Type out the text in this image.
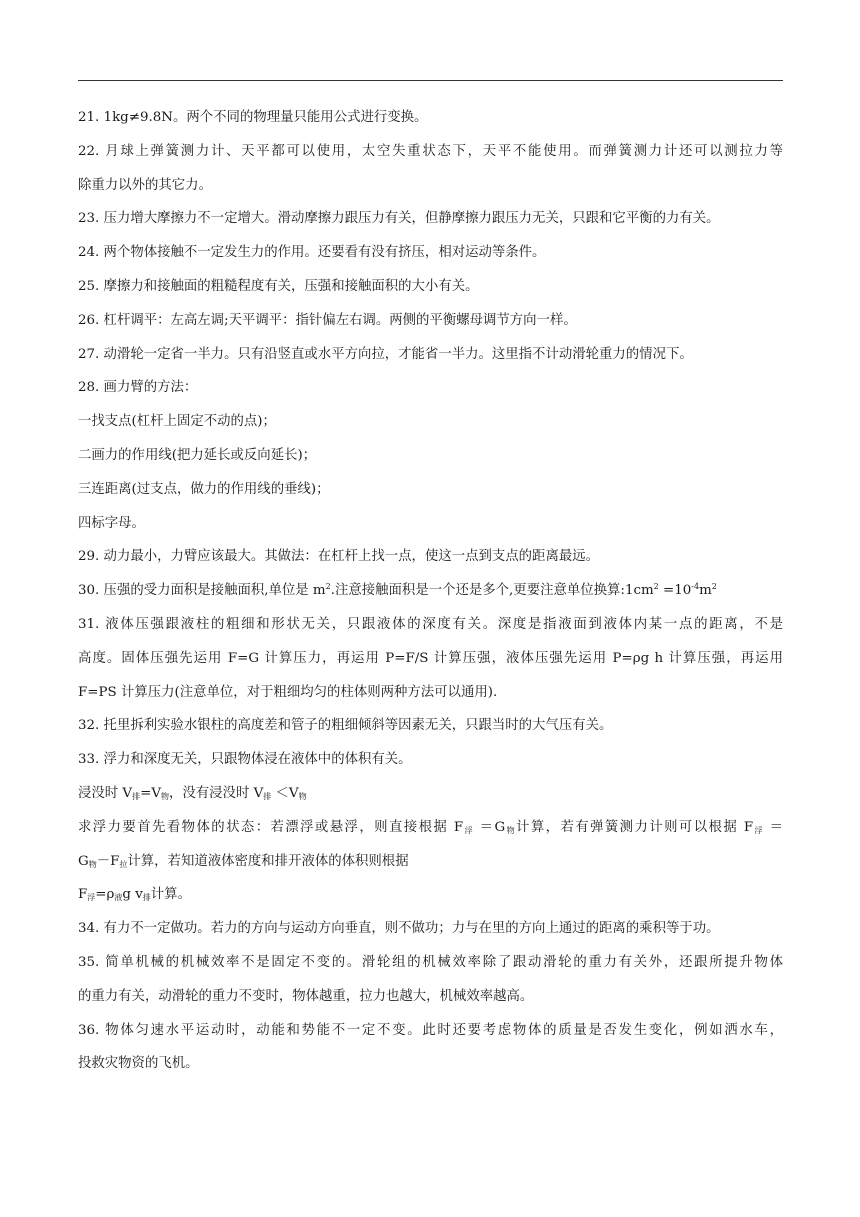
21. 1kg≠9.8N。两个不同的物理量只能用公式进行变换。
22. 月球上弹簧测力计、天平都可以使用，太空失重状态下，天平不能使用。而弹簧测力计还可以测拉力等
除重力以外的其它力。
23. 压力增大摩擦力不一定增大。滑动摩擦力跟压力有关，但静摩擦力跟压力无关，只跟和它平衡的力有关。
24. 两个物体接触不一定发生力的作用。还要看有没有挤压，相对运动等条件。
25. 摩擦力和接触面的粗糙程度有关，压强和接触面积的大小有关。
26. 杠杆调平：左高左调;天平调平：指针偏左右调。两侧的平衡螺母调节方向一样。
27. 动滑轮一定省一半力。只有沿竖直或水平方向拉，才能省一半力。这里指不计动滑轮重力的情况下。
28. 画力臂的方法：
一找支点(杠杆上固定不动的点)；
二画力的作用线(把力延长或反向延长)；
三连距离(过支点，做力的作用线的垂线)；
四标字母。
29. 动力最小，力臂应该最大。其做法：在杠杆上找一点，使这一点到支点的距离最远。
30. 压强的受力面积是接触面积,单位是 $m^2$.注意接触面积是一个还是多个,更要注意单位换算$:1cm^2 =10^{-4}m^2$
31. 液体压强跟液柱的粗细和形状无关，只跟液体的深度有关。深度是指液面到液体内某一点的距离，不是
高度。固体压强先运用 F=G 计算压力，再运用 P=F/S 计算压强，液体压强先运用 P=ρg h 计算压强，再运用
F=PS 计算压力(注意单位，对于粗细均匀的柱体则两种方法可以通用).
32. 托里拆利实验水银柱的高度差和管子的粗细倾斜等因素无关，只跟当时的大气压有关。
33. 浮力和深度无关，只跟物体浸在液体中的体积有关。
浸没时 $V_排=V_物$，没有浸没时 $V_排 <V_物$
求浮力要首先看物体的状态：若漂浮或悬浮，则直接根据 $F_浮 =G_物$计算，若有弹簧测力计则可以根据 $F_浮$ ＝
$G_物-F_拉$计算，若知道液体密度和排开液体的体积则根据
$F_浮=\rho_液g$ $v_排$计算。
34. 有力不一定做功。若力的方向与运动方向垂直，则不做功；力与在里的方向上通过的距离的乘积等于功。
35. 简单机械的机械效率不是固定不变的。滑轮组的机械效率除了跟动滑轮的重力有关外，还跟所提升物体
的重力有关，动滑轮的重力不变时，物体越重，拉力也越大，机械效率越高。
36. 物体匀速水平运动时，动能和势能不一定不变。此时还要考虑物体的质量是否发生变化，例如洒水车，
投救灾物资的飞机。
